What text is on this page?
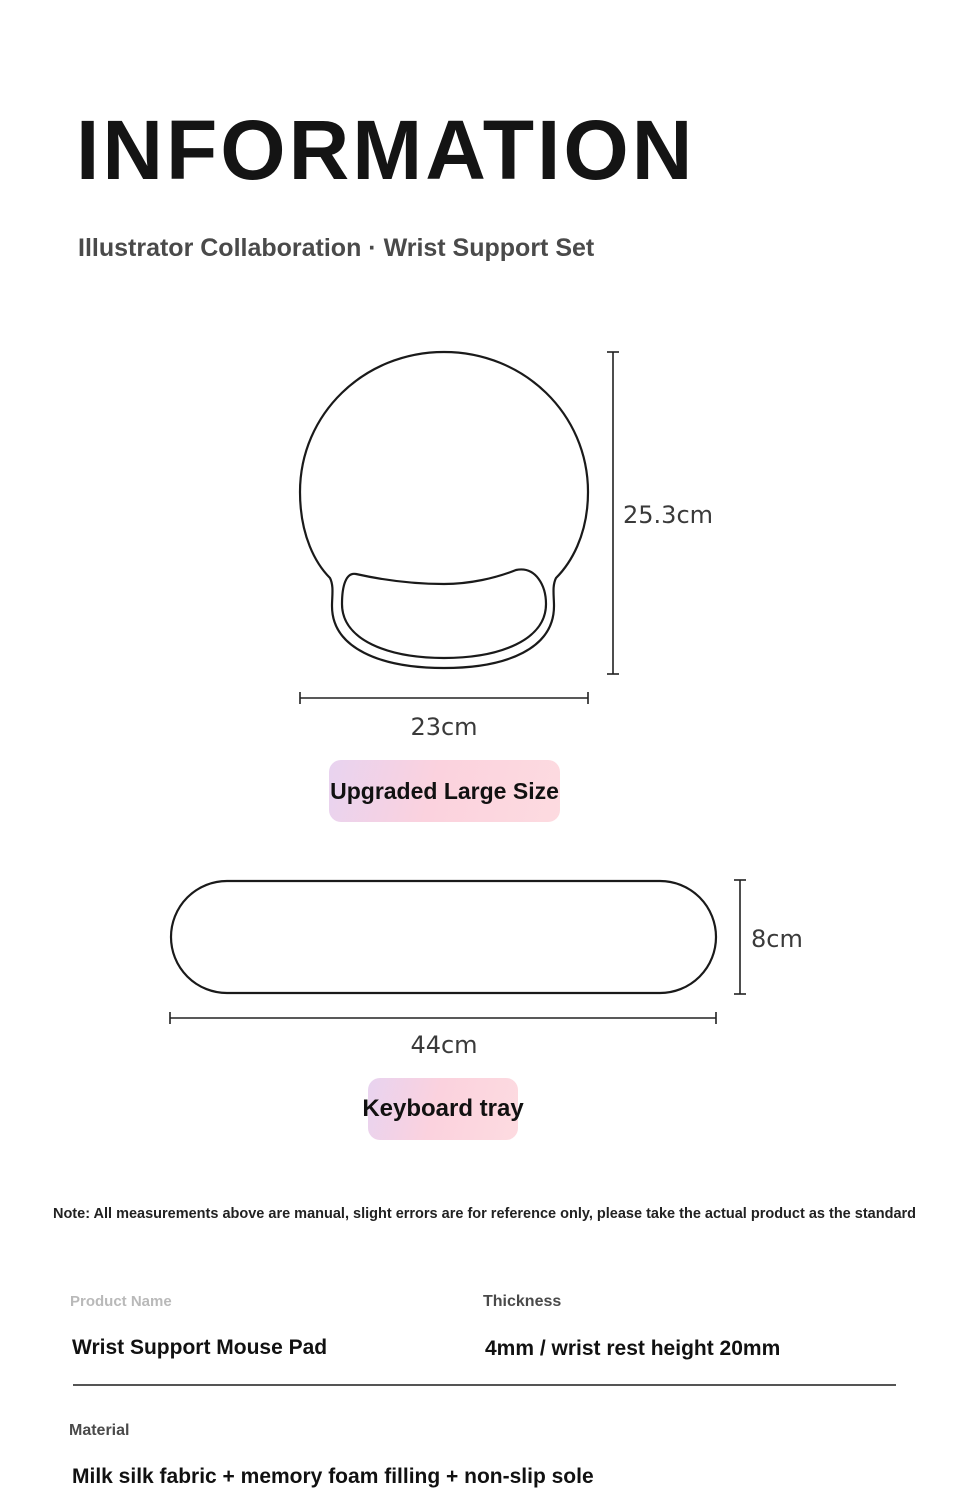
INFORMATION
Illustrator Collaboration · Wrist Support Set
25.3cm
23cm
8cm
44cm
Upgraded Large Size
Keyboard tray
Note: All measurements above are manual, slight errors are for reference only, please take the actual product as the standard
Product Name	Thickness
Wrist Support Mouse Pad	4mm / wrist rest height 20mm
Material
Milk silk fabric + memory foam filling + non-slip sole
